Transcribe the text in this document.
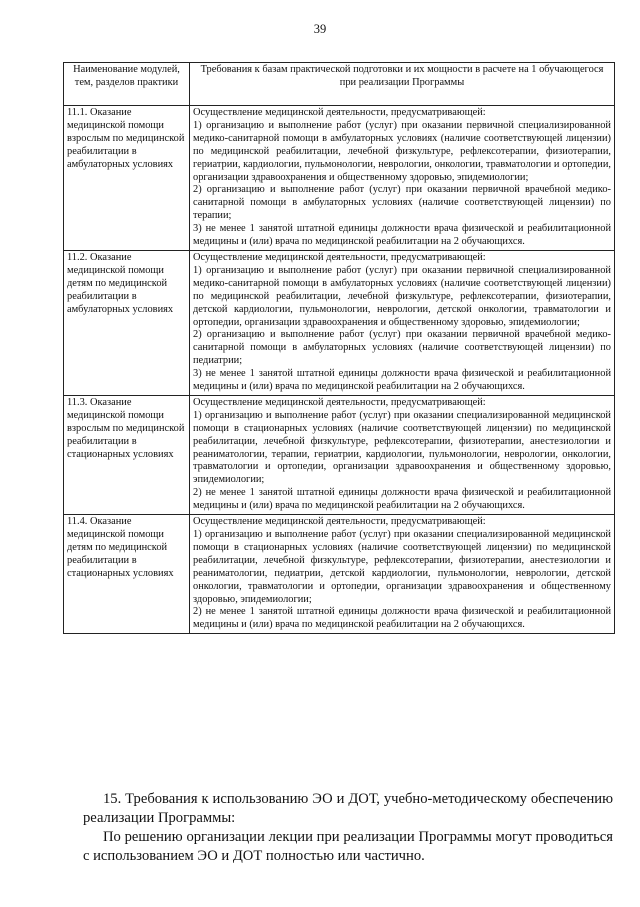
39
Наименование модулей, тем, разделов практики	Требования к базам практической подготовки и их мощности в расчете на 1 обучающегося при реализации Программы
11.1. Оказание медицинской помощи взрослым по медицинской реабилитации в амбулаторных условиях	Осуществление медицинской деятельности, предусматривающей:

1) организацию и выполнение работ (услуг) при оказании первичной специализированной медико-санитарной помощи в амбулаторных условиях (наличие соответствующей лицензии) по медицинской реабилитации, лечебной физкультуре, рефлексотерапии, физиотерапии, гериатрии, кардиологии, пульмонологии, неврологии, онкологии, травматологии и ортопедии, организации здравоохранения и общественному здоровью, эпидемиологии;

2) организацию и выполнение работ (услуг) при оказании первичной врачебной медико-санитарной помощи в амбулаторных условиях (наличие соответствующей лицензии) по терапии;

3) не менее 1 занятой штатной единицы должности врача физической и реабилитационной медицины и (или) врача по медицинской реабилитации на 2 обучающихся.

11.2. Оказание медицинской помощи детям по медицинской реабилитации в амбулаторных условиях	Осуществление медицинской деятельности, предусматривающей:

1) организацию и выполнение работ (услуг) при оказании первичной специализированной медико-санитарной помощи в амбулаторных условиях (наличие соответствующей лицензии) по медицинской реабилитации, лечебной физкультуре, рефлексотерапии, физиотерапии, детской кардиологии, пульмонологии, неврологии, детской онкологии, травматологии и ортопедии, организации здравоохранения и общественному здоровью, эпидемиологии;

2) организацию и выполнение работ (услуг) при оказании первичной врачебной медико-санитарной помощи в амбулаторных условиях (наличие соответствующей лицензии) по педиатрии;

3) не менее 1 занятой штатной единицы должности врача физической и реабилитационной медицины и (или) врача по медицинской реабилитации на 2 обучающихся.

11.3. Оказание медицинской помощи взрослым по медицинской реабилитации в стационарных условиях	Осуществление медицинской деятельности, предусматривающей:

1) организацию и выполнение работ (услуг) при оказании специализированной медицинской помощи в стационарных условиях (наличие соответствующей лицензии) по медицинской реабилитации, лечебной физкультуре, рефлексотерапии, физиотерапии, анестезиологии и реаниматологии, терапии, гериатрии, кардиологии, пульмонологии, неврологии, онкологии, травматологии и ортопедии, организации здравоохранения и общественному здоровью, эпидемиологии;

2) не менее 1 занятой штатной единицы должности врача физической и реабилитационной медицины и (или) врача по медицинской реабилитации на 2 обучающихся.

11.4. Оказание медицинской помощи детям по медицинской реабилитации в стационарных условиях	Осуществление медицинской деятельности, предусматривающей:

1) организацию и выполнение работ (услуг) при оказании специализированной медицинской помощи в стационарных условиях (наличие соответствующей лицензии) по медицинской реабилитации, лечебной физкультуре, рефлексотерапии, физиотерапии, анестезиологии и реаниматологии, педиатрии, детской кардиологии, пульмонологии, неврологии, детской онкологии, травматологии и ортопедии, организации здравоохранения и общественному здоровью, эпидемиологии;

2) не менее 1 занятой штатной единицы должности врача физической и реабилитационной медицины и (или) врача по медицинской реабилитации на 2 обучающихся.

15. Требования к использованию ЭО и ДОТ, учебно-методическому обеспечению реализации Программы:

По решению организации лекции при реализации Программы могут проводиться с использованием ЭО и ДОТ полностью или частично.
